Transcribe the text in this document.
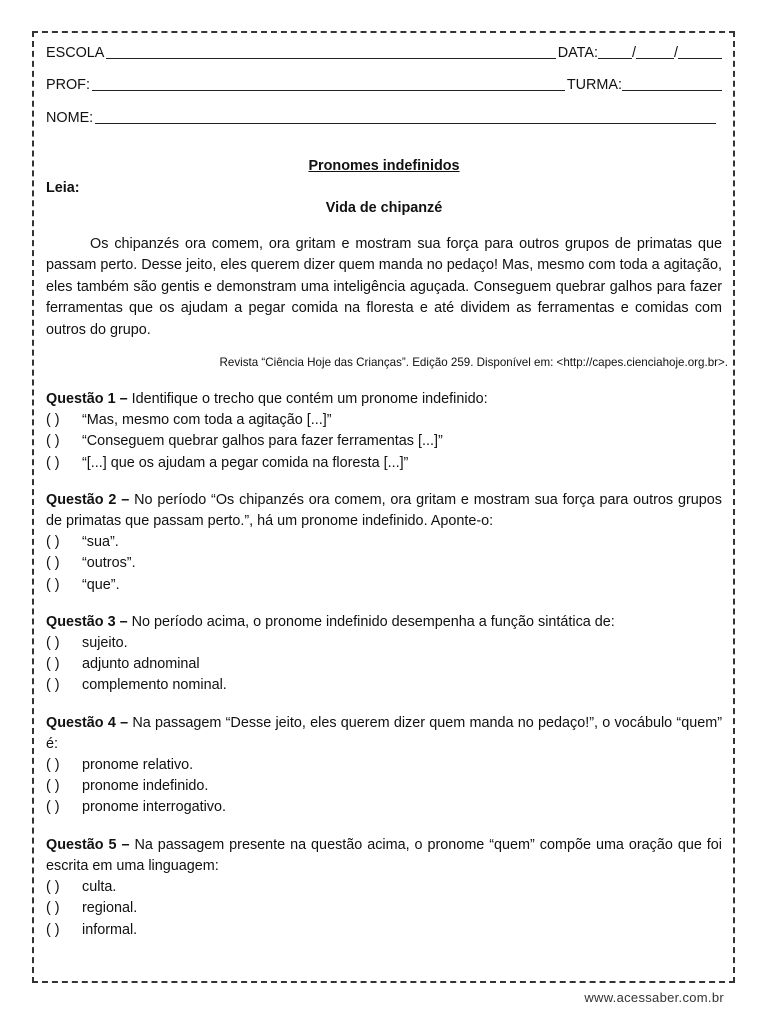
ESCOLA	DATA: /	/
PROF:	TURMA:
NOME:
Pronomes indefinidos
Leia:
Vida de chipanzé
Os chipanzés ora comem, ora gritam e mostram sua força para outros grupos de primatas que passam perto. Desse jeito, eles querem dizer quem manda no pedaço! Mas, mesmo com toda a agitação, eles também são gentis e demonstram uma inteligência aguçada. Conseguem quebrar galhos para fazer ferramentas que os ajudam a pegar comida na floresta e até dividem as ferramentas e comidas com outros do grupo.
Revista “Ciência Hoje das Crianças”. Edição 259. Disponível em: <http://capes.cienciahoje.org.br>.
Questão 1 – Identifique o trecho que contém um pronome indefinido:
( ) “Mas, mesmo com toda a agitação [...]”
( ) “Conseguem quebrar galhos para fazer ferramentas [...]”
( ) “[...] que os ajudam a pegar comida na floresta [...]”
Questão 2 – No período “Os chipanzés ora comem, ora gritam e mostram sua força para outros grupos de primatas que passam perto.”, há um pronome indefinido. Aponte-o:
( ) “sua”.
( ) “outros”.
( ) “que”.
Questão 3 – No período acima, o pronome indefinido desempenha a função sintática de:
( ) sujeito.
( ) adjunto adnominal
( ) complemento nominal.
Questão 4 – Na passagem “Desse jeito, eles querem dizer quem manda no pedaço!”, o vocábulo “quem” é:
( ) pronome relativo.
( ) pronome indefinido.
( ) pronome interrogativo.
Questão 5 – Na passagem presente na questão acima, o pronome “quem” compõe uma oração que foi escrita em uma linguagem:
( ) culta.
( ) regional.
( ) informal.
www.acessaber.com.br
